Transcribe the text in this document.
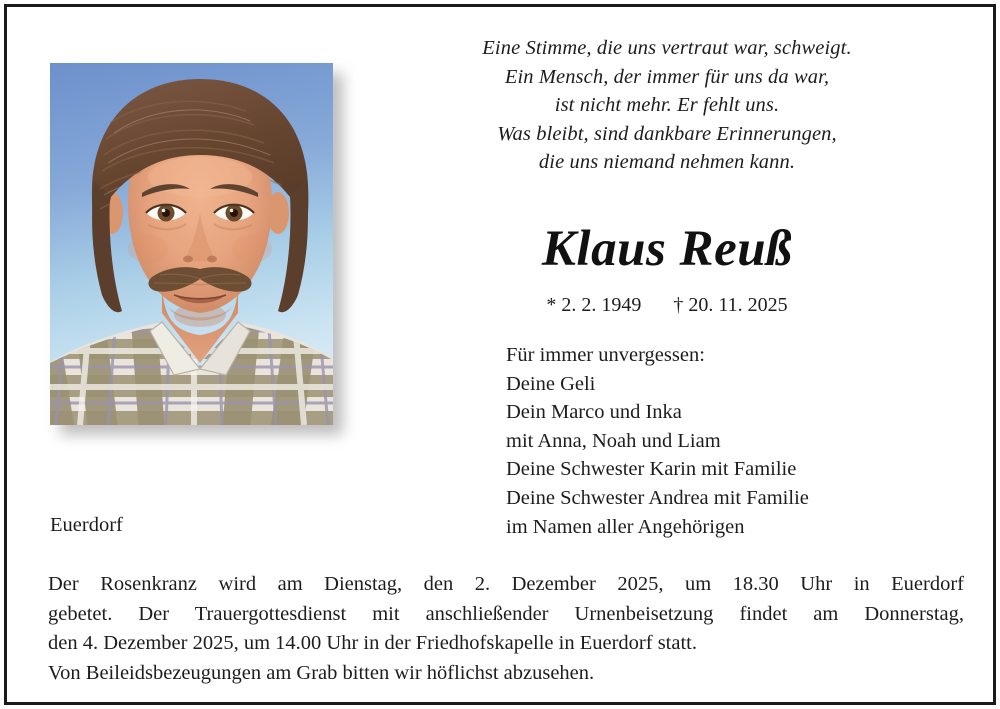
Eine Stimme, die uns vertraut war, schweigt.
Ein Mensch, der immer für uns da war,
ist nicht mehr. Er fehlt uns.
Was bleibt, sind dankbare Erinnerungen,
die uns niemand nehmen kann.
Klaus Reuß
* 2. 2. 1949 † 20. 11. 2025
Für immer unvergessen:
Deine Geli
Dein Marco und Inka
mit Anna, Noah und Liam
Deine Schwester Karin mit Familie
Deine Schwester Andrea mit Familie
im Namen aller Angehörigen
Euerdorf
Der Rosenkranz wird am Dienstag, den 2. Dezember 2025, um 18.30 Uhr in Euerdorf
gebetet. Der Trauergottesdienst mit anschließender Urnenbeisetzung findet am Donnerstag,
den 4. Dezember 2025, um 14.00 Uhr in der Friedhofskapelle in Euerdorf statt.
Von Beileidsbezeugungen am Grab bitten wir höflichst abzusehen.
